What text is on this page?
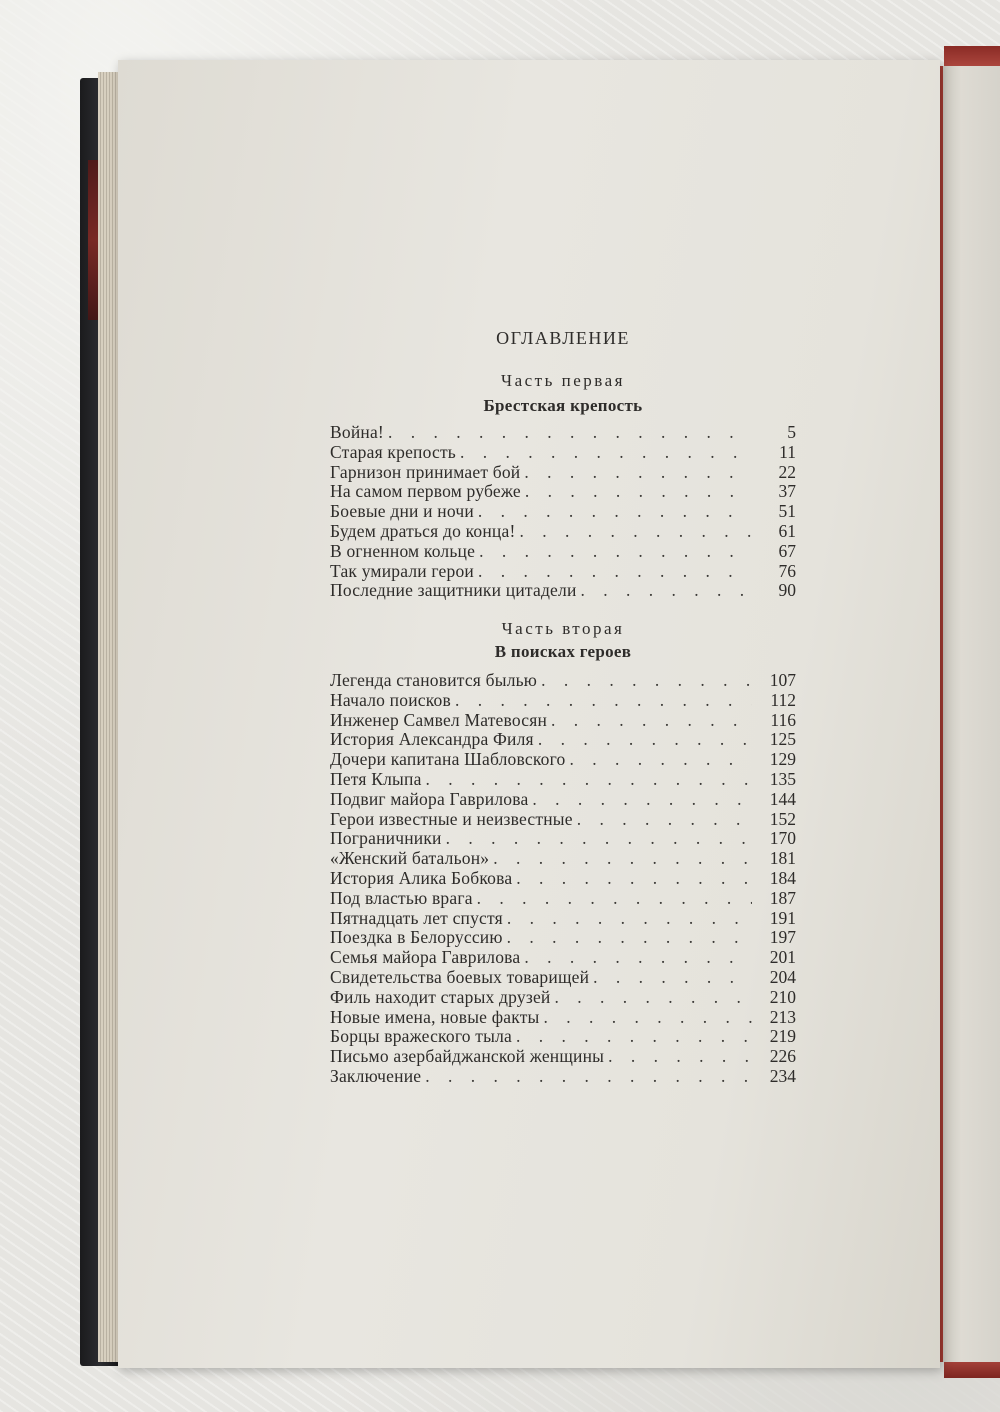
ОГЛАВЛЕНИЕ
Часть первая
Брестская крепость
Война! . . .	5
Старая крепость . . .	11
Гарнизон принимает бой . . .	22
На самом первом рубеже . . .	37
Боевые дни и ночи . . .	51
Будем драться до конца! . . .	61
В огненном кольце . . .	67
Так умирали герои . . .	76
Последние защитники цитадели . . .	90
Часть вторая
В поисках героев
Легенда становится былью . . .	107
Начало поисков . . .	112
Инженер Самвел Матевосян . . .	116
История Александра Филя . . .	125
Дочери капитана Шабловского . . .	129
Петя Клыпа . . .	135
Подвиг майора Гаврилова . . .	144
Герои известные и неизвестные . . .	152
Пограничники . . .	170
«Женский батальон» . . .	181
История Алика Бобкова . . .	184
Под властью врага . . .	187
Пятнадцать лет спустя . . .	191
Поездка в Белоруссию . . .	197
Семья майора Гаврилова . . .	201
Свидетельства боевых товарищей . . .	204
Филь находит старых друзей . . .	210
Новые имена, новые факты . . .	213
Борцы вражеского тыла . . .	219
Письмо азербайджанской женщины . . .	226
Заключение . . .	234
